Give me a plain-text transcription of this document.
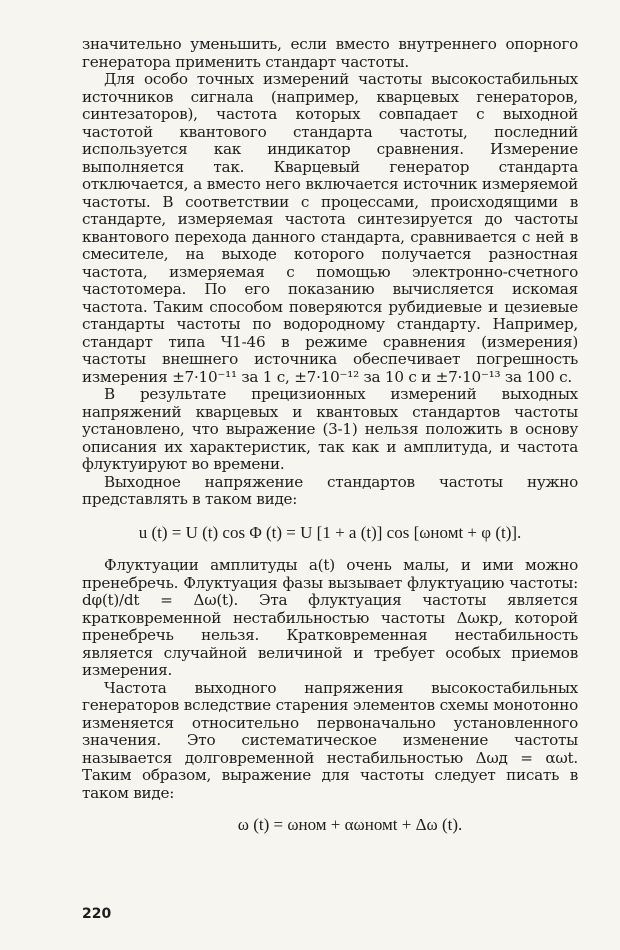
значительно уменьшить, если вместо внутреннего опорного генератора применить стандарт частоты.

Для особо точных измерений частоты высокостабильных источников сигнала (например, кварцевых генераторов, синтезаторов), частота которых совпадает с выходной частотой квантового стандарта частоты, последний используется как индикатор сравнения. Измерение выполняется так. Кварцевый генератор стандарта отключается, а вместо него включается источник измеряемой частоты. В соответствии с процессами, происходящими в стандарте, измеряемая частота синтезируется до частоты квантового перехода данного стандарта, сравнивается с ней в смесителе, на выходе которого получается разностная частота, измеряемая с помощью электронно-счетного частотомера. По его показанию вычисляется искомая частота. Таким способом поверяются рубидиевые и цезиевые стандарты частоты по водородному стандарту. Например, стандарт типа Ч1-46 в режиме сравнения (измерения) частоты внешнего источника обеспечивает погрешность измерения ±7·10⁻¹¹ за 1 с, ±7·10⁻¹² за 10 с и ±7·10⁻¹³ за 100 с.

В результате прецизионных измерений выходных напряжений кварцевых и квантовых стандартов частоты установлено, что выражение (3-1) нельзя положить в основу описания их характеристик, так как и амплитуда, и частота флуктуируют во времени.

Выходное напряжение стандартов частоты нужно представлять в таком виде:

u (t) = U (t) cos Φ (t) = U [1 + a (t)] cos [ωномt + φ (t)].

Флуктуации амплитуды a(t) очень малы, и ими можно пренебречь. Флуктуация фазы вызывает флуктуацию частоты: dφ(t)/dt = Δω(t). Эта флуктуация частоты является кратковременной нестабильностью частоты Δωкр, которой пренебречь нельзя. Кратковременная нестабильность является случайной величиной и требует особых приемов измерения.

Частота выходного напряжения высокостабильных генераторов вследствие старения элементов схемы монотонно изменяется относительно первоначально установленного значения. Это систематическое изменение частоты называется долговременной нестабильностью Δωд = αωt. Таким образом, выражение для частоты следует писать в таком виде:

ω (t) = ωном + αωномt + Δω (t).
220
